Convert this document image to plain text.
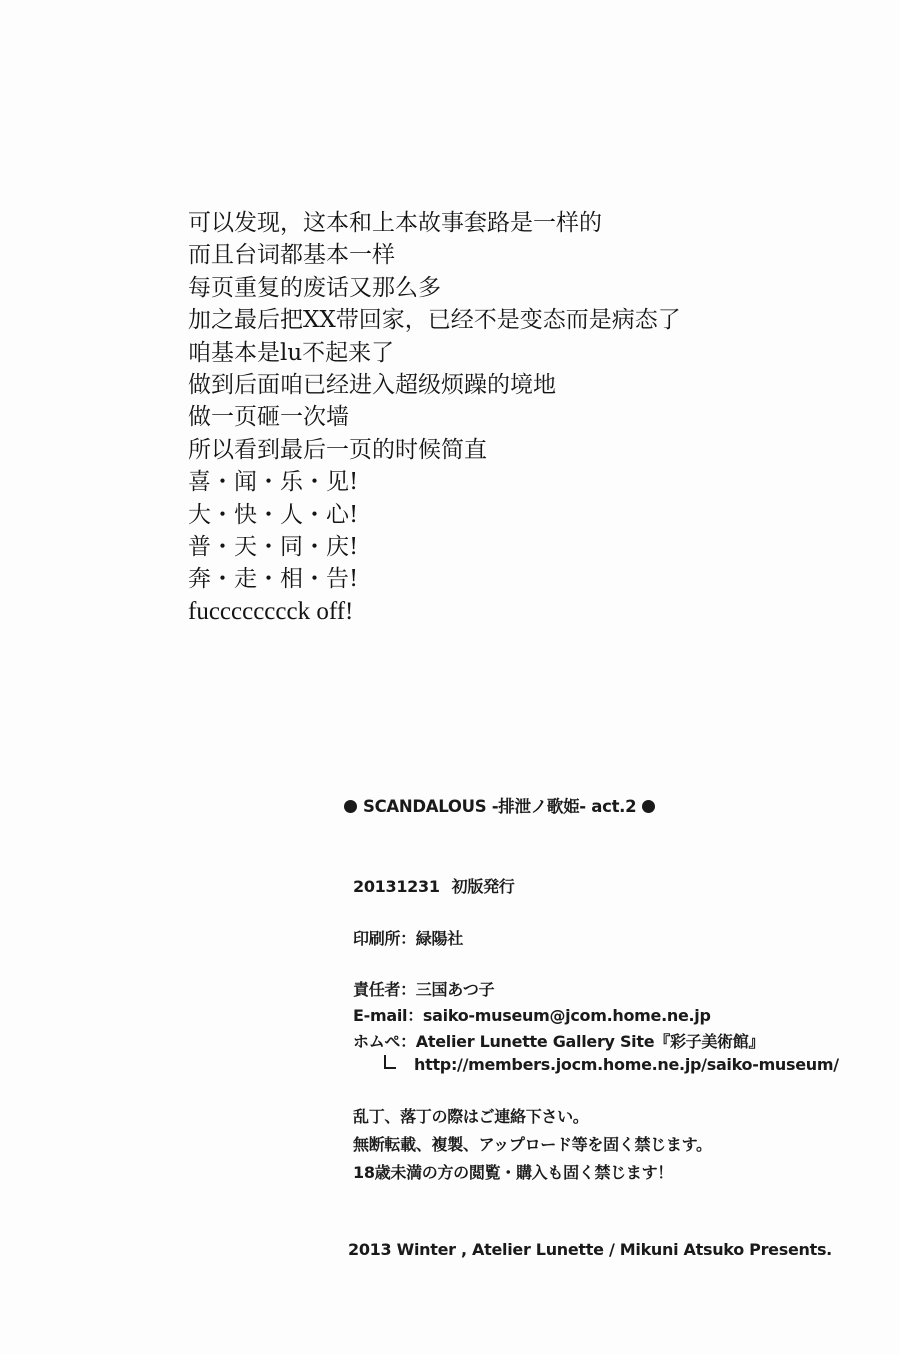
可以发现，这本和上本故事套路是一样的
而且台词都基本一样
每页重复的废话又那么多
加之最后把XX带回家，已经不是变态而是病态了
咱基本是lu不起来了
做到后面咱已经进入超级烦躁的境地
做一页砸一次墙
所以看到最后一页的时候简直
喜・闻・乐・见!
大・快・人・心!
普・天・同・庆!
奔・走・相・告!
fucccccccck off!
SCANDALOUS -排泄ノ歌姫- act.2
20131231 初版発行
印刷所：緑陽社
責任者：三国あつ子
E-mail：saiko-museum@jcom.home.ne.jp
ホムペ：Atelier Lunette Gallery Site『彩子美術館』
http://members.jocm.home.ne.jp/saiko-museum/
乱丁、落丁の際はご連絡下さい。
無断転載、複製、アップロード等を固く禁じます。
18歳未満の方の閲覧・購入も固く禁じます！
2013 Winter , Atelier Lunette / Mikuni Atsuko Presents.
